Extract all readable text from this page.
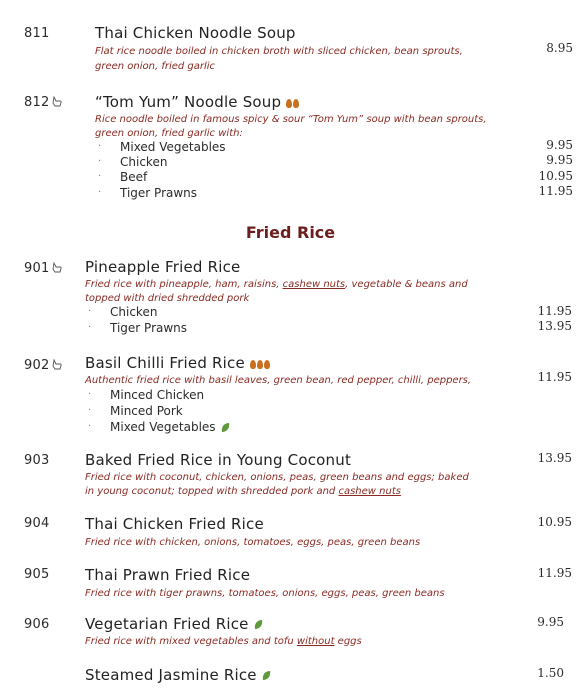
811	Thai Chicken Noodle Soup
Flat rice noodle boiled in chicken broth with sliced chicken, bean sprouts,
green onion, fried garlic
8.95
812	“Tom Yum” Noodle Soup
Rice noodle boiled in famous spicy & sour “Tom Yum” soup with bean sprouts,
green onion, fried garlic with:
· Mixed Vegetables	9.95
· Chicken	9.95
· Beef	10.95
· Tiger Prawns	11.95
Fried Rice
901	Pineapple Fried Rice
Fried rice with pineapple, ham, raisins, cashew nuts, vegetable & beans and
topped with dried shredded pork
· Chicken	11.95
· Tiger Prawns	13.95
902	Basil Chilli Fried Rice
Authentic fried rice with basil leaves, green bean, red pepper, chilli, peppers,	11.95
· Minced Chicken
· Minced Pork
· Mixed Vegetables
903 Baked Fried Rice in Young Coconut	13.95
Fried rice with coconut, chicken, onions, peas, green beans and eggs; baked
in young coconut; topped with shredded pork and cashew nuts
904 Thai Chicken Fried Rice	10.95
Fried rice with chicken, onions, tomatoes, eggs, peas, green beans
905 Thai Prawn Fried Rice	11.95
Fried rice with tiger prawns, tomatoes, onions, eggs, peas, green beans
906 Vegetarian Fried Rice	9.95
Fried rice with mixed vegetables and tofu without eggs
Steamed Jasmine Rice	1.50
